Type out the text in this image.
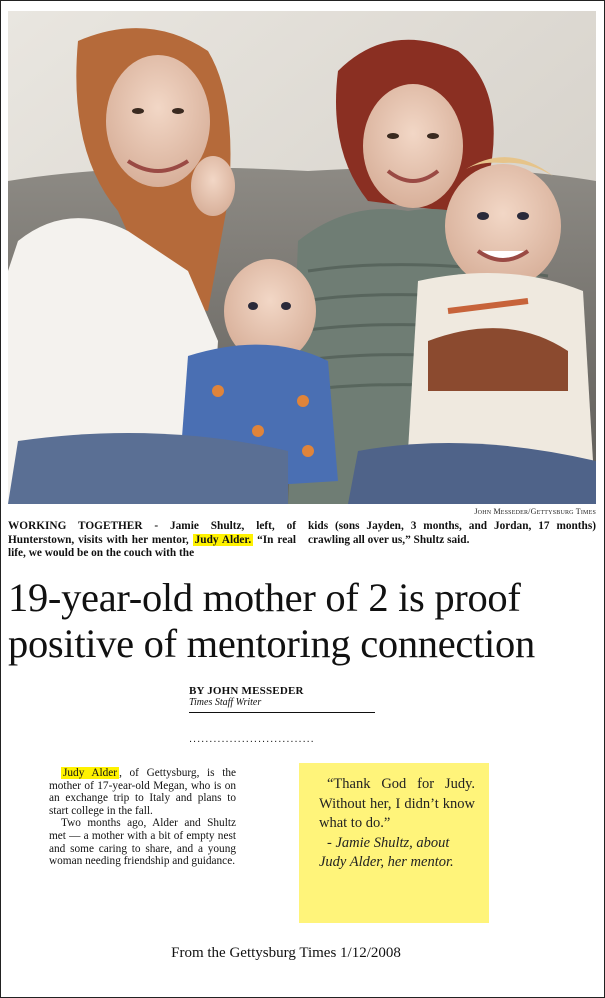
John Messeder/Gettysburg Times
WORKING TOGETHER - Jamie Shultz, left, of Hunterstown, visits with her mentor, Judy Alder. “In real life, we would be on the couch with the
kids (sons Jayden, 3 months, and Jordan, 17 months) crawling all over us,” Shultz said.
19-year-old mother of 2 is proof positive of mentoring connection
BY JOHN MESSEDER
Times Staff Writer
...............................

Judy Alder , of Gettysburg, is the mother of 17-year-old Megan, who is on an exchange trip to Italy and plans to start college in the fall.

Two months ago, Alder and Shultz met — a mother with a bit of empty nest and some caring to share, and a young woman needing friendship and guidance.

“Thank God for Judy. Without her, I didn’t know what to do.”
- Jamie Shultz, about Judy Alder, her mentor.
From the Gettysburg Times 1/12/2008
